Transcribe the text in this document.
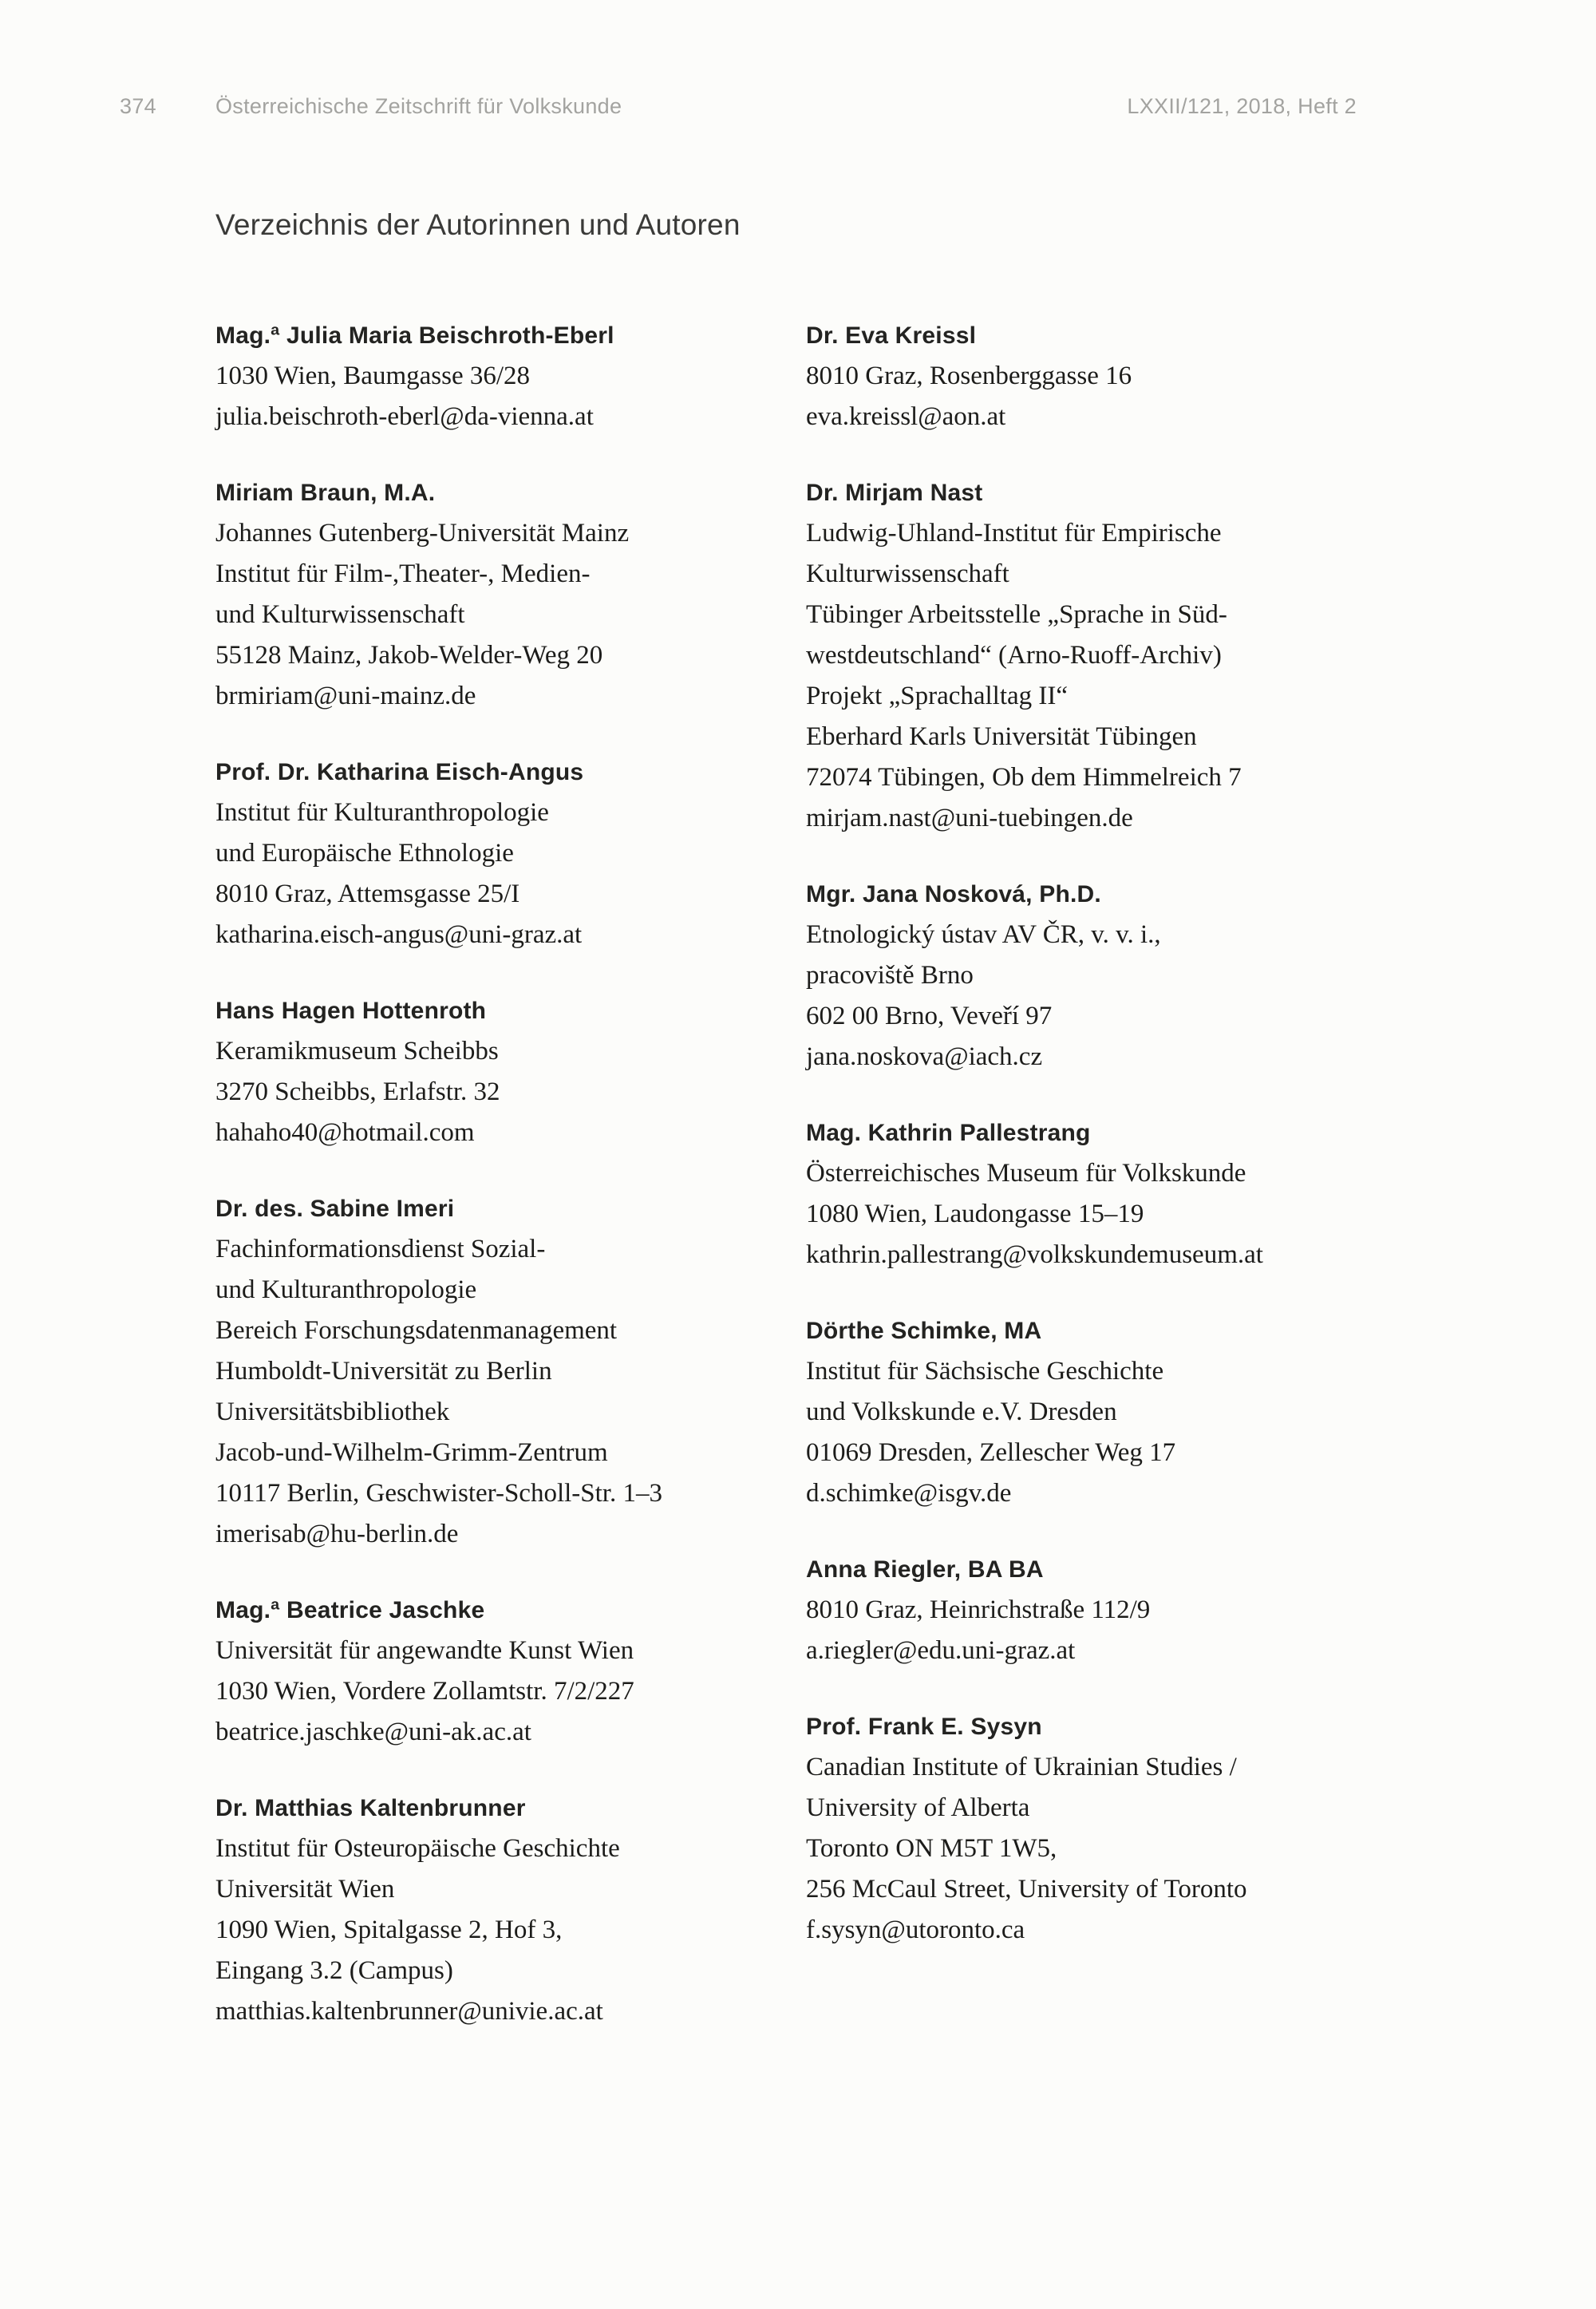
374	Österreichische Zeitschrift für Volkskunde	LXXII/121, 2018, Heft 2
Verzeichnis der Autorinnen und Autoren
Mag.ª Julia Maria Beischroth-Eberl
1030 Wien, Baumgasse 36/28
julia.beischroth-eberl@da-vienna.at
Miriam Braun, M.A.
Johannes Gutenberg-Universität Mainz
Institut für Film-,Theater-, Medien-
und Kulturwissenschaft
55128 Mainz, Jakob-Welder-Weg 20
brmiriam@uni-mainz.de
Prof. Dr. Katharina Eisch-Angus
Institut für Kulturanthropologie
und Europäische Ethnologie
8010 Graz, Attemsgasse 25/I
katharina.eisch-angus@uni-graz.at
Hans Hagen Hottenroth
Keramikmuseum Scheibbs
3270 Scheibbs, Erlafstr. 32
hahaho40@hotmail.com
Dr. des. Sabine Imeri
Fachinformationsdienst Sozial-
und Kulturanthropologie
Bereich Forschungsdatenmanagement
Humboldt-Universität zu Berlin
Universitätsbibliothek
Jacob-und-Wilhelm-Grimm-Zentrum
10117 Berlin, Geschwister-Scholl-Str. 1–3
imerisab@hu-berlin.de
Mag.ª Beatrice Jaschke
Universität für angewandte Kunst Wien
1030 Wien, Vordere Zollamtstr. 7/2/227
beatrice.jaschke@uni-ak.ac.at
Dr. Matthias Kaltenbrunner
Institut für Osteuropäische Geschichte
Universität Wien
1090 Wien, Spitalgasse 2, Hof 3,
Eingang 3.2 (Campus)
matthias.kaltenbrunner@univie.ac.at
Dr. Eva Kreissl
8010 Graz, Rosenberggasse 16
eva.kreissl@aon.at
Dr. Mirjam Nast
Ludwig-Uhland-Institut für Empirische
Kulturwissenschaft
Tübinger Arbeitsstelle „Sprache in Süd-
westdeutschland“ (Arno-Ruoff-Archiv)
Projekt „Sprachalltag II“
Eberhard Karls Universität Tübingen
72074 Tübingen, Ob dem Himmelreich 7
mirjam.nast@uni-tuebingen.de
Mgr. Jana Nosková, Ph.D.
Etnologický ústav AV ČR, v. v. i.,
pracoviště Brno
602 00 Brno, Veveří 97
jana.noskova@iach.cz
Mag. Kathrin Pallestrang
Österreichisches Museum für Volkskunde
1080 Wien, Laudongasse 15–19
kathrin.pallestrang@volkskundemuseum.at
Dörthe Schimke, MA
Institut für Sächsische Geschichte
und Volkskunde e.V. Dresden
01069 Dresden, Zellescher Weg 17
d.schimke@isgv.de
Anna Riegler, BA BA
8010 Graz, Heinrichstraße 112/9
a.riegler@edu.uni-graz.at
Prof. Frank E. Sysyn
Canadian Institute of Ukrainian Studies /
University of Alberta
Toronto ON M5T 1W5,
256 McCaul Street, University of Toronto
f.sysyn@utoronto.ca
